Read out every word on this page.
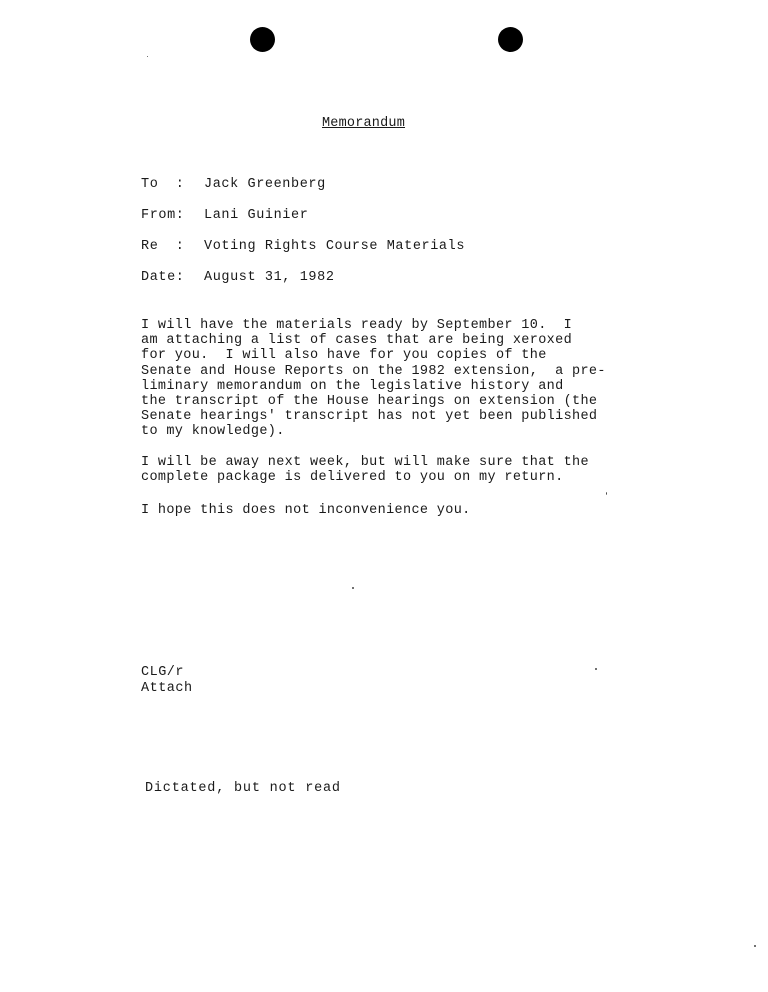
Memorandum
To  : Jack Greenberg
From: Lani Guinier
Re  : Voting Rights Course Materials
Date: August 31, 1982
I will have the materials ready by September 10.  I
am attaching a list of cases that are being xeroxed
for you.  I will also have for you copies of the
Senate and House Reports on the 1982 extension,  a pre-
liminary memorandum on the legislative history and
the transcript of the House hearings on extension (the
Senate hearings' transcript has not yet been published
to my knowledge).
I will be away next week, but will make sure that the
complete package is delivered to you on my return.
I hope this does not inconvenience you.
CLG/r
Attach
Dictated, but not read
